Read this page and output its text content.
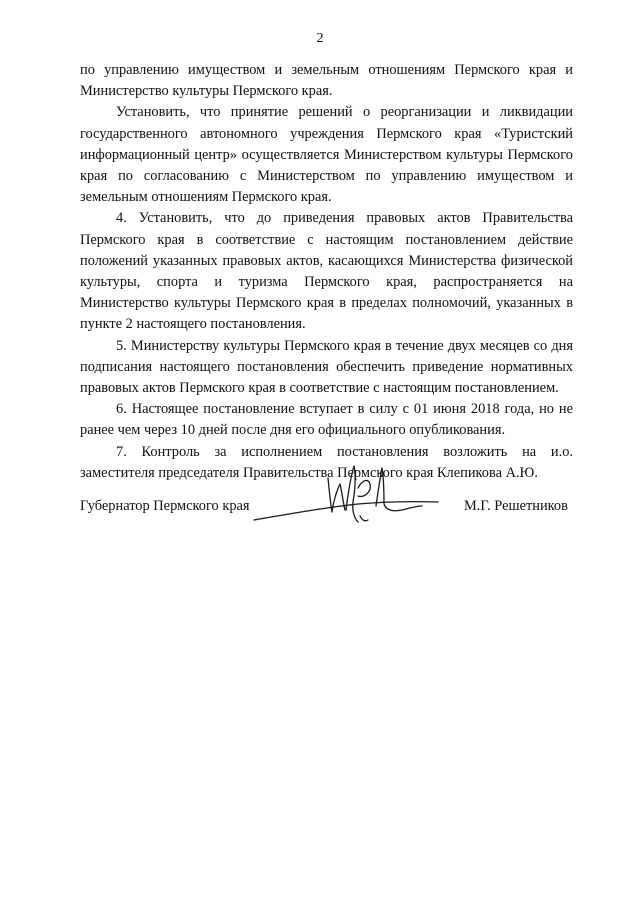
2

по управлению имуществом и земельным отношениям Пермского края и Министерство культуры Пермского края.

Установить, что принятие решений о реорганизации и ликвидации государственного автономного учреждения Пермского края «Туристский информационный центр» осуществляется Министерством культуры Пермского края по согласованию с Министерством по управлению имуществом и земельным отношениям Пермского края.

4. Установить, что до приведения правовых актов Правительства Пермского края в соответствие с настоящим постановлением действие положений указанных правовых актов, касающихся Министерства физической культуры, спорта и туризма Пермского края, распространяется на Министерство культуры Пермского края в пределах полномочий, указанных в пункте 2 настоящего постановления.

5. Министерству культуры Пермского края в течение двух месяцев со дня подписания настоящего постановления обеспечить приведение нормативных правовых актов Пермского края в соответствие с настоящим постановлением.

6. Настоящее постановление вступает в силу с 01 июня 2018 года, но не ранее чем через 10 дней после дня его официального опубликования.

7. Контроль за исполнением постановления возложить на и.о. заместителя председателя Правительства Пермского края Клепикова А.Ю.

Губернатор Пермского края	М.Г. Решетников
